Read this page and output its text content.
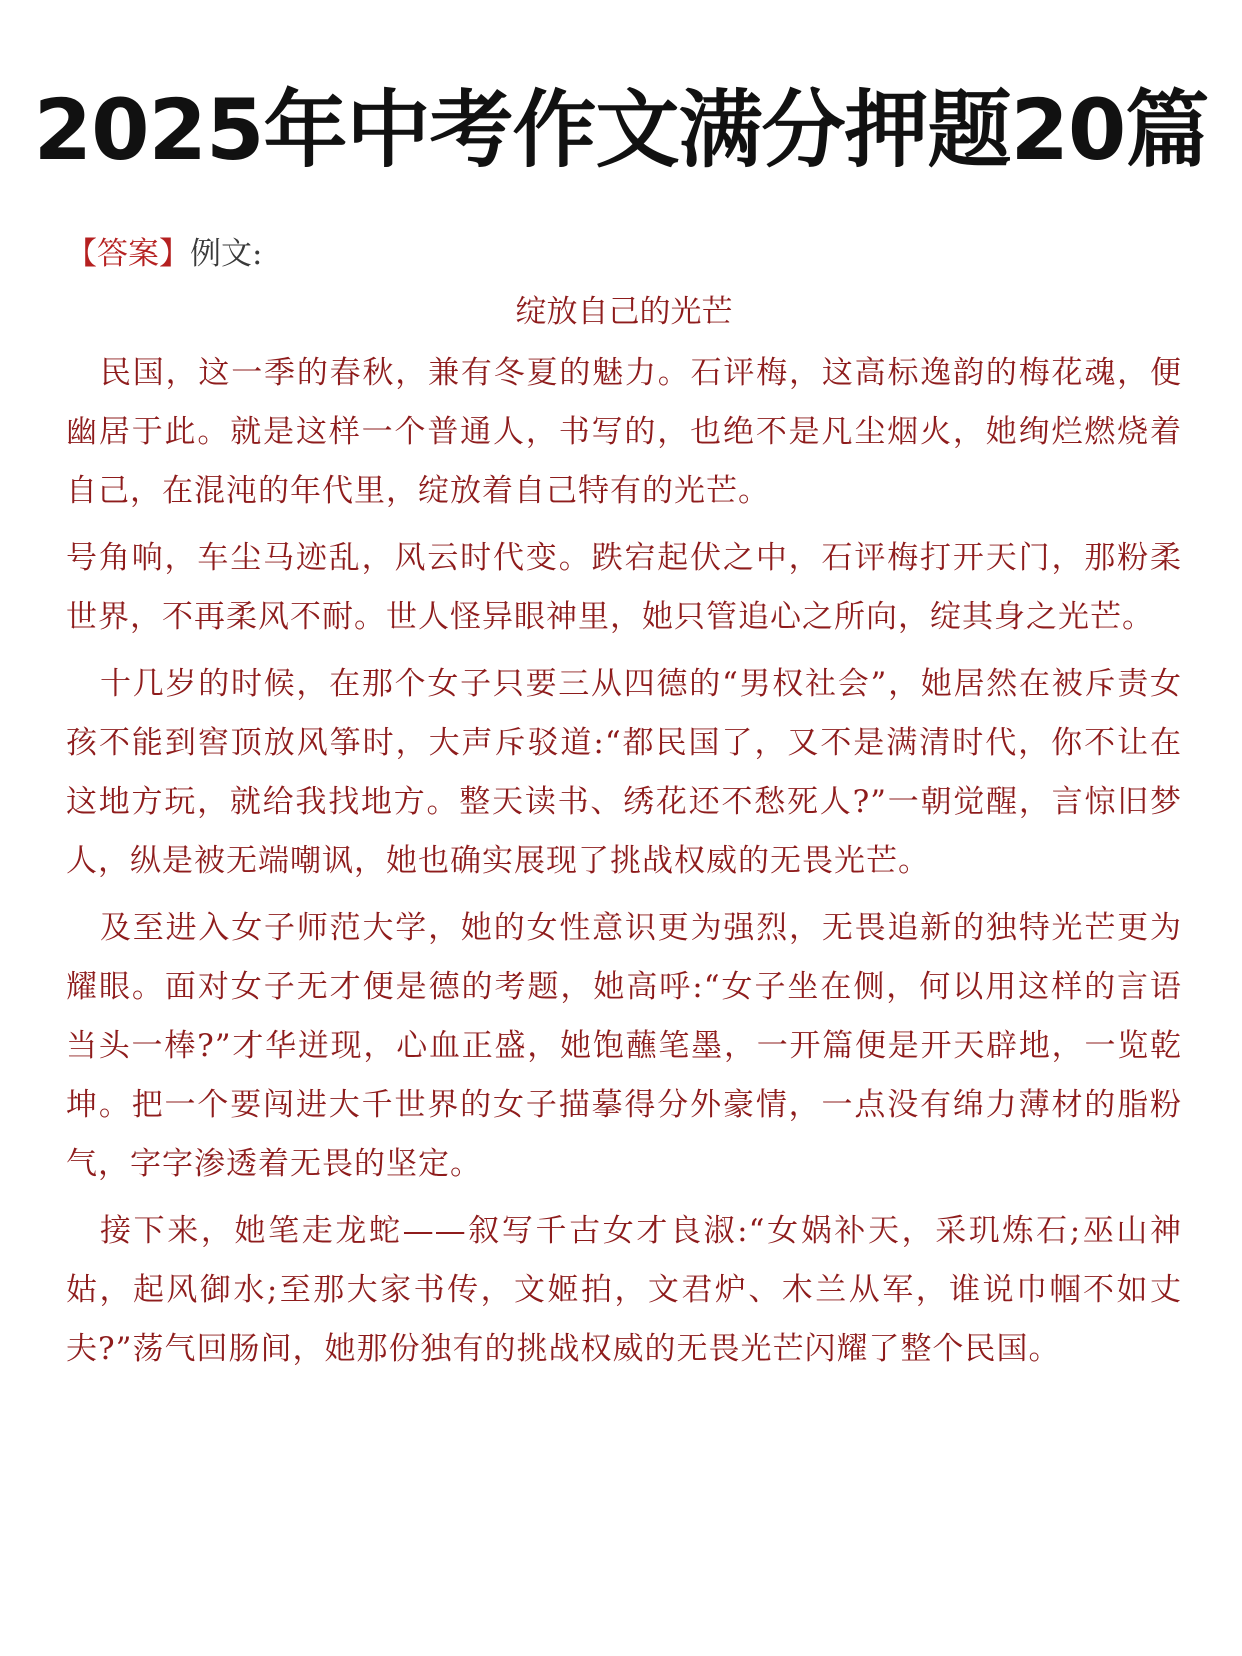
2025年中考作文满分押题20篇
【答案】例文:
绽放自己的光芒

民国，这一季的春秋，兼有冬夏的魅力。石评梅，这高标逸韵的梅花魂，便幽居于此。就是这样一个普通人，书写的，也绝不是凡尘烟火，她绚烂燃烧着自己，在混沌的年代里，绽放着自己特有的光芒。

号角响，车尘马迹乱，风云时代变。跌宕起伏之中，石评梅打开天门，那粉柔世界，不再柔风不耐。世人怪异眼神里，她只管追心之所向，绽其身之光芒。

十几岁的时候，在那个女子只要三从四德的“男权社会”，她居然在被斥责女孩不能到窖顶放风筝时，大声斥驳道:“都民国了，又不是满清时代，你不让在这地方玩，就给我找地方。整天读书、绣花还不愁死人?”一朝觉醒，言惊旧梦人，纵是被无端嘲讽，她也确实展现了挑战权威的无畏光芒。

及至进入女子师范大学，她的女性意识更为强烈，无畏追新的独特光芒更为耀眼。面对女子无才便是德的考题，她高呼:“女子坐在侧，何以用这样的言语当头一棒?”才华迸现，心血正盛，她饱蘸笔墨，一开篇便是开天辟地，一览乾坤。把一个要闯进大千世界的女子描摹得分外豪情，一点没有绵力薄材的脂粉气，字字渗透着无畏的坚定。

接下来，她笔走龙蛇——叙写千古女才良淑:“女娲补天，采玑炼石;巫山神姑，起风御水;至那大家书传，文姬拍，文君炉、木兰从军，谁说巾帼不如丈夫?”荡气回肠间，她那份独有的挑战权威的无畏光芒闪耀了整个民国。
